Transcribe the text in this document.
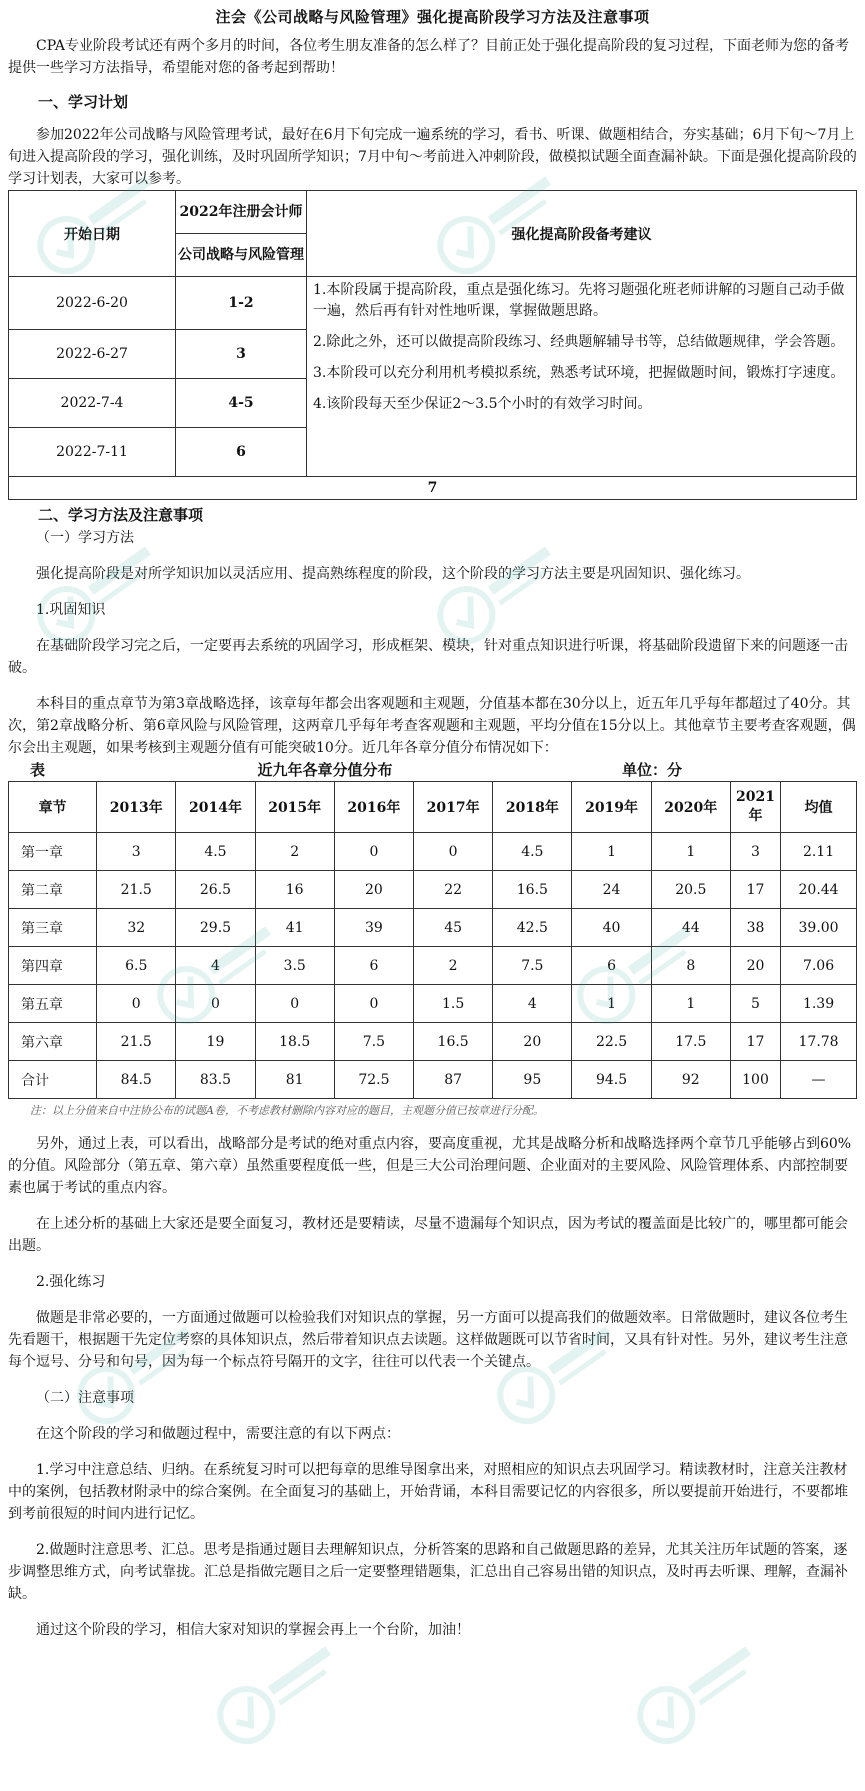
注会《公司战略与风险管理》强化提高阶段学习方法及注意事项

CPA专业阶段考试还有两个多月的时间，各位考生朋友准备的怎么样了？目前正处于强化提高阶段的复习过程，下面老师为您的备考提供一些学习方法指导，希望能对您的备考起到帮助！

一、学习计划

参加2022年公司战略与风险管理考试，最好在6月下旬完成一遍系统的学习，看书、听课、做题相结合，夯实基础；6月下旬～7月上旬进入提高阶段的学习，强化训练，及时巩固所学知识；7月中旬～考前进入冲刺阶段，做模拟试题全面查漏补缺。下面是强化提高阶段的学习计划表，大家可以参考。

开始日期	2022年注册会计师	强化提高阶段备考建议
	公司战略与风险管理	
2022-6-20	1-2	1.本阶段属于提高阶段，重点是强化练习。先将习题强化班老师讲解的习题自己动手做一遍，然后再有针对性地听课，掌握做题思路。
2.除此之外，还可以做提高阶段练习、经典题解辅导书等，总结做题规律，学会答题。
3.本阶段可以充分利用机考模拟系统，熟悉考试环境，把握做题时间，锻炼打字速度。
4.该阶段每天至少保证2～3.5个小时的有效学习时间。

2022-6-27	3	
2022-7-4	4-5	
2022-7-11	6	
7		
二、学习方法及注意事项
（一）学习方法

强化提高阶段是对所学知识加以灵活应用、提高熟练程度的阶段，这个阶段的学习方法主要是巩固知识、强化练习。

1.巩固知识

在基础阶段学习完之后，一定要再去系统的巩固学习，形成框架、模块，针对重点知识进行听课，将基础阶段遗留下来的问题逐一击破。

本科目的重点章节为第3章战略选择，该章每年都会出客观题和主观题，分值基本都在30分以上，近五年几乎每年都超过了40分。其次，第2章战略分析、第6章风险与风险管理，这两章几乎每年考查客观题和主观题，平均分值在15分以上。其他章节主要考查客观题，偶尔会出主观题，如果考核到主观题分值有可能突破10分。近几年各章分值分布情况如下：

表	近九年各章分值分布	单位：分
章节	2013年	2014年	2015年	2016年	2017年	2018年	2019年	2020年	2021年	均值
第一章	3	4.5	2	0	0	4.5	1	1	3	2.11
第二章	21.5	26.5	16	20	22	16.5	24	20.5	17	20.44
第三章	32	29.5	41	39	45	42.5	40	44	38	39.00
第四章	6.5	4	3.5	6	2	7.5	6	8	20	7.06
第五章	0	0	0	0	1.5	4	1	1	5	1.39
第六章	21.5	19	18.5	7.5	16.5	20	22.5	17.5	17	17.78
合计	84.5	83.5	81	72.5	87	95	94.5	92	100	—
注：以上分值来自中注协公布的试题A卷，不考虑教材删除内容对应的题目，主观题分值已按章进行分配。

另外，通过上表，可以看出，战略部分是考试的绝对重点内容，要高度重视，尤其是战略分析和战略选择两个章节几乎能够占到60%的分值。风险部分（第五章、第六章）虽然重要程度低一些，但是三大公司治理问题、企业面对的主要风险、风险管理体系、内部控制要素也属于考试的重点内容。

在上述分析的基础上大家还是要全面复习，教材还是要精读，尽量不遗漏每个知识点，因为考试的覆盖面是比较广的，哪里都可能会出题。

2.强化练习

做题是非常必要的，一方面通过做题可以检验我们对知识点的掌握，另一方面可以提高我们的做题效率。日常做题时，建议各位考生先看题干，根据题干先定位考察的具体知识点，然后带着知识点去读题。这样做题既可以节省时间，又具有针对性。另外，建议考生注意每个逗号、分号和句号，因为每一个标点符号隔开的文字，往往可以代表一个关键点。

（二）注意事项

在这个阶段的学习和做题过程中，需要注意的有以下两点：

1.学习中注意总结、归纳。在系统复习时可以把每章的思维导图拿出来，对照相应的知识点去巩固学习。精读教材时，注意关注教材中的案例，包括教材附录中的综合案例。在全面复习的基础上，开始背诵，本科目需要记忆的内容很多，所以要提前开始进行，不要都堆到考前很短的时间内进行记忆。

2.做题时注意思考、汇总。思考是指通过题目去理解知识点，分析答案的思路和自己做题思路的差异，尤其关注历年试题的答案，逐步调整思维方式，向考试靠拢。汇总是指做完题目之后一定要整理错题集，汇总出自己容易出错的知识点，及时再去听课、理解，查漏补缺。

通过这个阶段的学习，相信大家对知识的掌握会再上一个台阶，加油！
